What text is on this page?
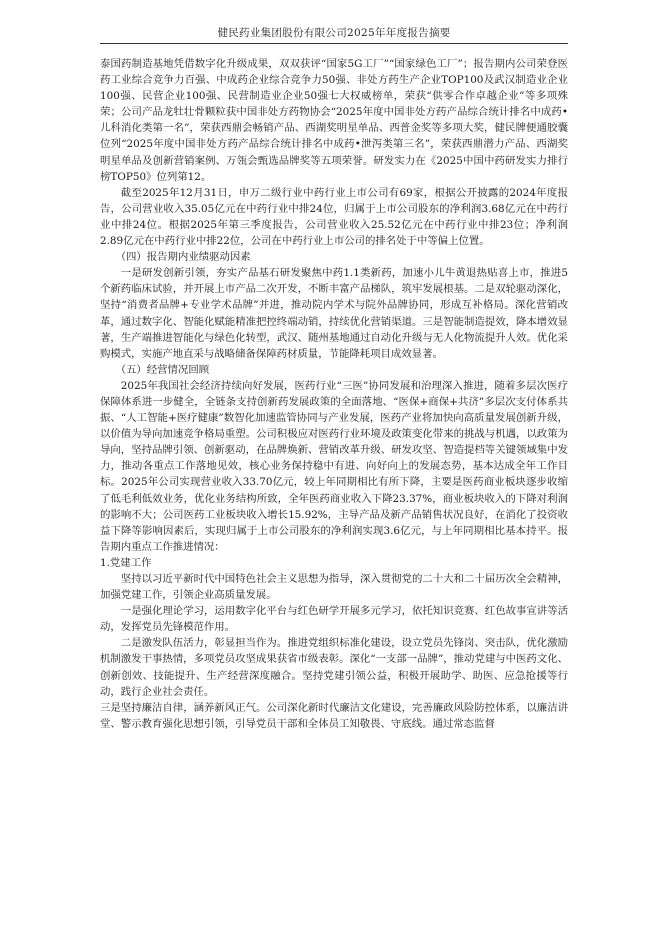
健民药业集团股份有限公司2025年年度报告摘要

泰国药制造基地凭借数字化升级成果，双双获评“国家5G工厂”“国家绿色工厂”；报告期内公司荣登医药工业综合竞争力百强、中成药企业综合竞争力50强、非处方药生产企业TOP100及武汉制造业企业100强、民营企业100强、民营制造业企业50强七大权威榜单，荣获“供零合作卓越企业”等多项殊荣；公司产品龙牡壮骨颗粒获中国非处方药物协会“2025年度中国非处方药产品综合统计排名中成药•儿科消化类第一名”，荣获西鼎会畅销产品、西湖奖明星单品、西普金奖等多项大奖，健民牌便通胶囊位列“2025年度中国非处方药产品综合统计排名中成药•泄泻类第三名”，荣获西鼎潜力产品、西湖奖明星单品及创新营销案例、万瓴会甄选品牌奖等五项荣誉。研发实力在《2025中国中药研发实力排行榜TOP50》位列第12。

截至2025年12月31日，申万二级行业中药行业上市公司有69家，根据公开披露的2024年度报告，公司营业收入35.05亿元在中药行业中排24位，归属于上市公司股东的净利润3.68亿元在中药行业中排24位。根据2025年第三季度报告，公司营业收入25.52亿元在中药行业中排23位；净利润2.89亿元在中药行业中排22位，公司在中药行业上市公司的排名处于中等偏上位置。

（四）报告期内业绩驱动因素

一是研发创新引领，夯实产品基石研发聚焦中药1.1类新药，加速小儿牛黄退热贴喜上市，推进5个新药临床试验，并开展上市产品二次开发，不断丰富产品梯队，筑牢发展根基。二是双轮驱动深化，坚持“消费者品牌+专业学术品牌”并进，推动院内学术与院外品牌协同，形成互补格局。深化营销改革，通过数字化、智能化赋能精准把控终端动销，持续优化营销渠道。三是智能制造提效，降本增效显著，生产端推进智能化与绿色化转型，武汉、随州基地通过自动化升级与无人化物流提升人效。优化采购模式，实施产地直采与战略储备保障药材质量，节能降耗项目成效显著。

（五）经营情况回顾

2025年我国社会经济持续向好发展，医药行业“三医”协同发展和治理深入推进，随着多层次医疗保障体系进一步健全，全链条支持创新药发展政策的全面落地、“医保+商保+共济”多层次支付体系共振、“人工智能+医疗健康”数智化加速监管协同与产业发展，医药产业将加快向高质量发展创新升级，以价值为导向加速竞争格局重塑。公司积极应对医药行业环境及政策变化带来的挑战与机遇，以政策为导向，坚持品牌引领、创新驱动，在品牌焕新、营销改革升级、研发攻坚、智造提档等关键领域集中发力，推动各重点工作落地见效，核心业务保持稳中有进、向好向上的发展态势，基本达成全年工作目标。2025年公司实现营业收入33.70亿元，较上年同期相比有所下降，主要是医药商业板块逐步收缩了低毛利低效业务，优化业务结构所致，全年医药商业收入下降23.37%，商业板块收入的下降对利润的影响不大；公司医药工业板块收入增长15.92%，主导产品及新产品销售状况良好，在消化了投资收益下降等影响因素后，实现归属于上市公司股东的净利润实现3.6亿元，与上年同期相比基本持平。报告期内重点工作推进情况：

1.党建工作

坚持以习近平新时代中国特色社会主义思想为指导，深入贯彻党的二十大和二十届历次全会精神，加强党建工作，引领企业高质量发展。

一是强化理论学习，运用数字化平台与红色研学开展多元学习，依托知识竞赛、红色故事宣讲等活动，发挥党员先锋模范作用。

二是激发队伍活力，彰显担当作为。推进党组织标准化建设，设立党员先锋岗、突击队，优化激励机制激发干事热情，多项党员攻坚成果获省市级表彰。深化“一支部一品牌”，推动党建与中医药文化、创新创效、技能提升、生产经营深度融合。坚持党建引领公益，积极开展助学、助医、应急抢援等行动，践行企业社会责任。

三是坚持廉洁自律，涵养新风正气。公司深化新时代廉洁文化建设，完善廉政风险防控体系，以廉洁讲堂、警示教育强化思想引领，引导党员干部和全体员工知敬畏、守底线。通过常态监督
